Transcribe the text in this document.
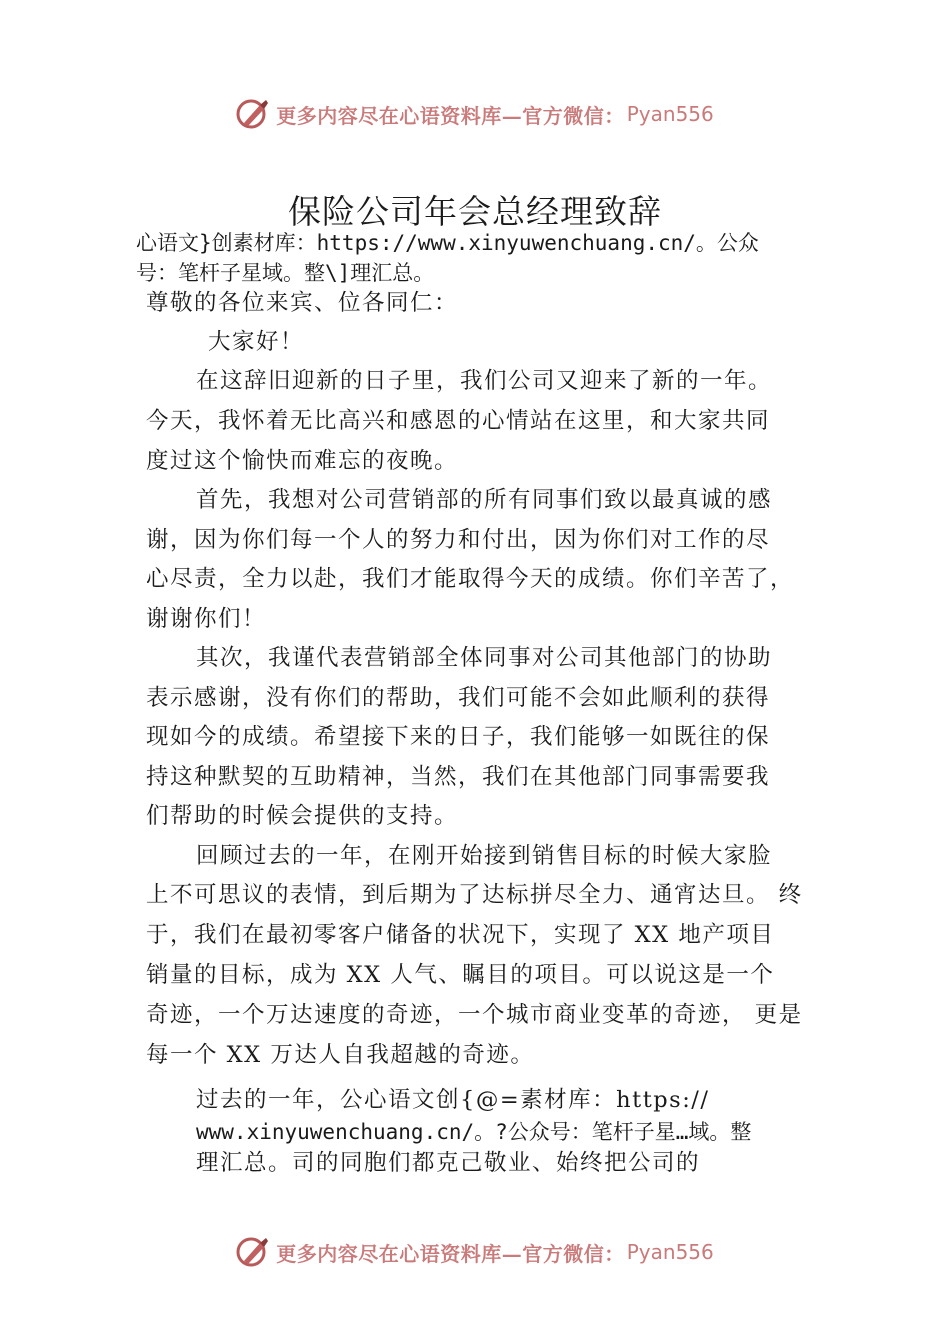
更多内容尽在心语资料库—官方微信： Pyan556
保险公司年会总经理致辞
心语文}创素材库：https://www.xinyuwenchuang.cn/。公众
号：笔杆子星域。整\]理汇总。
尊敬的各位来宾、位各同仁：
大家好！
在这辞旧迎新的日子里，我们公司又迎来了新的一年。
今天，我怀着无比高兴和感恩的心情站在这里，和大家共同
度过这个愉快而难忘的夜晚。
首先，我想对公司营销部的所有同事们致以最真诚的感
谢，因为你们每一个人的努力和付出，因为你们对工作的尽
心尽责，全力以赴，我们才能取得今天的成绩。你们辛苦了，
谢谢你们！
其次，我谨代表营销部全体同事对公司其他部门的协助
表示感谢，没有你们的帮助，我们可能不会如此顺利的获得
现如今的成绩。希望接下来的日子，我们能够一如既往的保
持这种默契的互助精神，当然，我们在其他部门同事需要我
们帮助的时候会提供的支持。
回顾过去的一年，在刚开始接到销售目标的时候大家脸
上不可思议的表情，到后期为了达标拼尽全力、通宵达旦。 终
于，我们在最初零客户储备的状况下，实现了 XX 地产项目
销量的目标，成为 XX 人气、瞩目的项目。可以说这是一个
奇迹，一个万达速度的奇迹，一个城市商业变革的奇迹， 更是
每一个 XX 万达人自我超越的奇迹。
过去的一年，公心语文创{@=素材库：https://
www.xinyuwenchuang.cn/。?公众号：笔杆子星…域。整
理汇总。司的同胞们都克己敬业、始终把公司的
更多内容尽在心语资料库—官方微信： Pyan556
